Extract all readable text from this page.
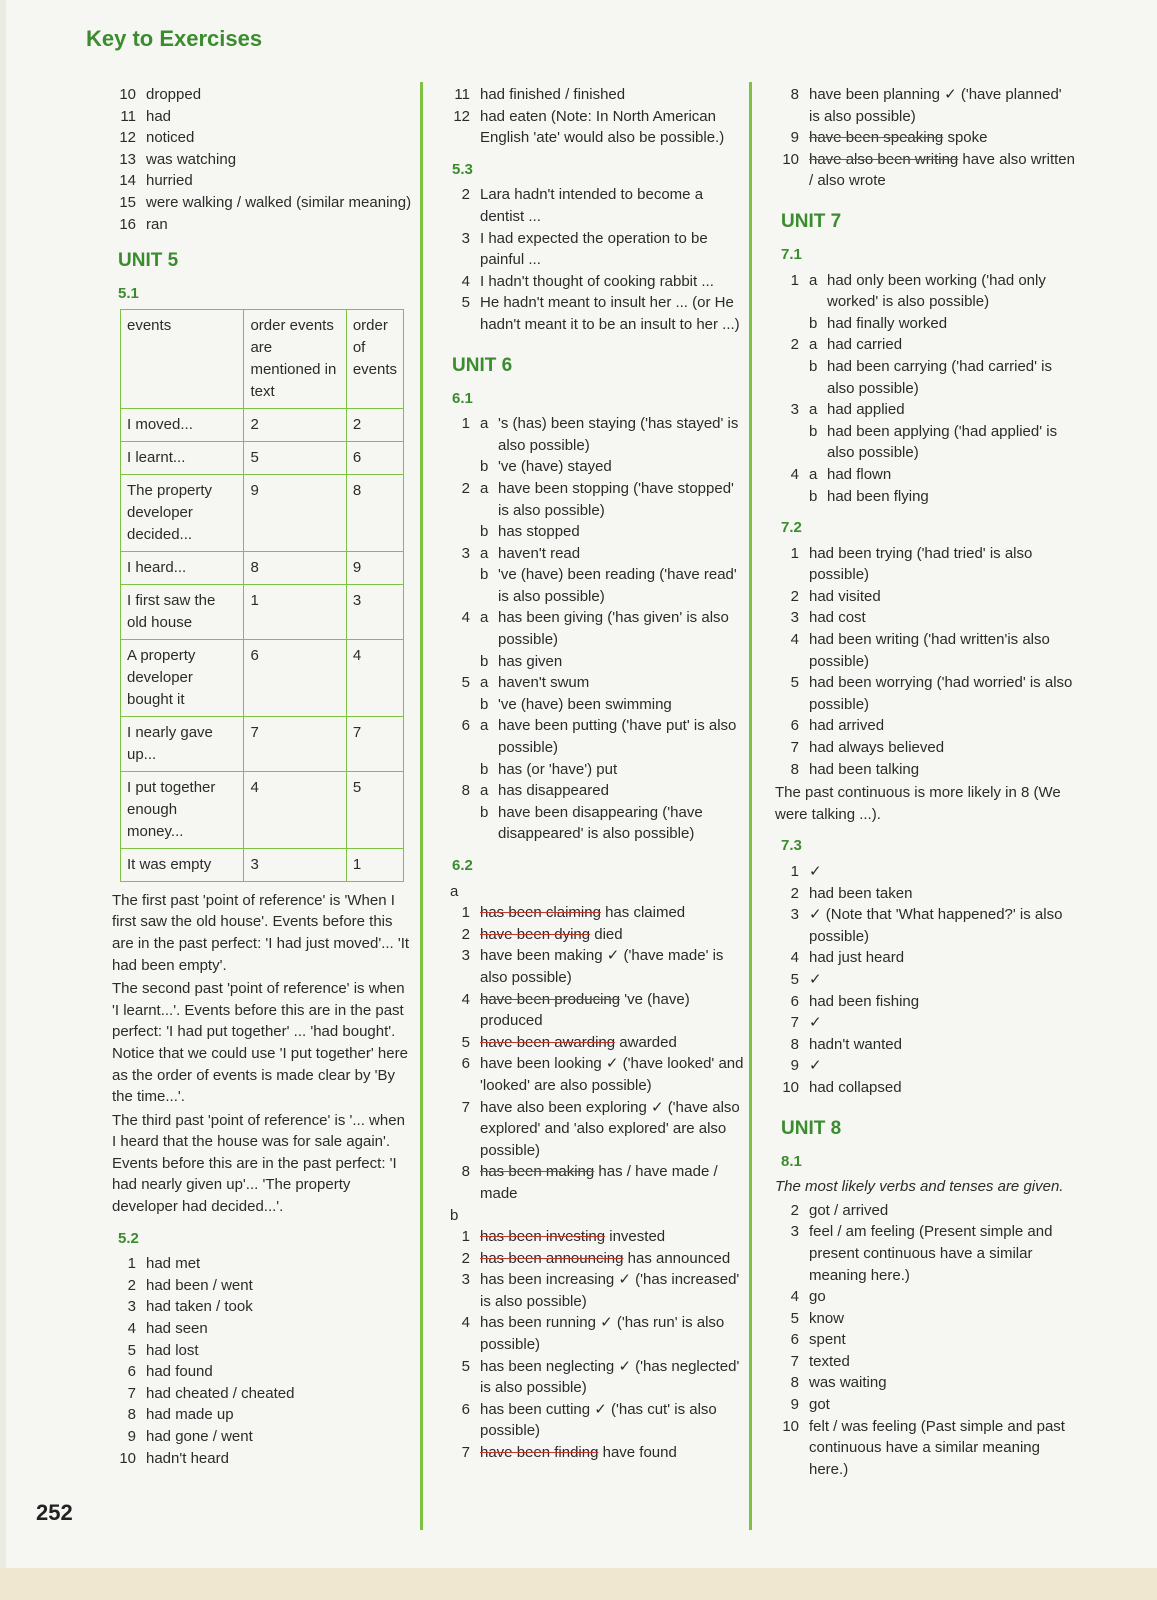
Key to Exercises
10 dropped
11 had
12 noticed
13 was watching
14 hurried
15 were walking / walked (similar meaning)
16 ran
UNIT 5
5.1
events	order events are mentioned in text	order of events
I moved...	2	2
I learnt...	5	6
The property developer decided...	9	8
I heard...	8	9
I first saw the old house	1	3
A property developer bought it	6	4
I nearly gave up...	7	7
I put together enough money...	4	5
It was empty	3	1
The first past 'point of reference' is 'When I first saw the old house'. Events before this are in the past perfect: 'I had just moved'... 'It had been empty'.
The second past 'point of reference' is when 'I learnt...'. Events before this are in the past perfect: 'I had put together' ... 'had bought'. Notice that we could use 'I put together' here as the order of events is made clear by 'By the time...'.
The third past 'point of reference' is '... when I heard that the house was for sale again'. Events before this are in the past perfect: 'I had nearly given up'... 'The property developer had decided...'.
5.2
1 had met
2 had been / went
3 had taken / took
4 had seen
5 had lost
6 had found
7 had cheated / cheated
8 had made up
9 had gone / went
10 hadn't heard
11 had finished / finished
12 had eaten (Note: In North American English 'ate' would also be possible.)
5.3
2 Lara hadn't intended to become a dentist ...
3 I had expected the operation to be painful ...
4 I hadn't thought of cooking rabbit ...
5 He hadn't meant to insult her ... (or He hadn't meant it to be an insult to her ...)
UNIT 6
6.1
1 a 's (has) been staying ('has stayed' is also possible)
b 've (have) stayed
2 a have been stopping ('have stopped' is also possible)
b has stopped
3 a haven't read
b 've (have) been reading ('have read' is also possible)
4 a has been giving ('has given' is also possible)
b has given
5 a haven't swum
b 've (have) been swimming
6 a have been putting ('have put' is also possible)
b has (or 'have') put
8 a has disappeared
b have been disappearing ('have disappeared' is also possible)
6.2
a
1 has been claiming has claimed
2 have been dying died
3 have been making ✓ ('have made' is also possible)
4 have been producing 've (have) produced
5 have been awarding awarded
6 have been looking ✓ ('have looked' and 'looked' are also possible)
7 have also been exploring ✓ ('have also explored' and 'also explored' are also possible)
8 has been making has / have made / made
b
1 has been investing invested
2 has been announcing has announced
3 has been increasing ✓ ('has increased' is also possible)
4 has been running ✓ ('has run' is also possible)
5 has been neglecting ✓ ('has neglected' is also possible)
6 has been cutting ✓ ('has cut' is also possible)
7 have been finding have found
8 have been planning ✓ ('have planned' is also possible)
9 have been speaking spoke
10 have also been writing have also written / also wrote
UNIT 7
7.1
1 a had only been working ('had only worked' is also possible)
b had finally worked
2 a had carried
b had been carrying ('had carried' is also possible)
3 a had applied
b had been applying ('had applied' is also possible)
4 a had flown
b had been flying
7.2
1 had been trying ('had tried' is also possible)
2 had visited
3 had cost
4 had been writing ('had written'is also possible)
5 had been worrying ('had worried' is also possible)
6 had arrived
7 had always believed
8 had been talking
The past continuous is more likely in 8 (We were talking ...).
7.3
1 ✓
2 had been taken
3 ✓ (Note that 'What happened?' is also possible)
4 had just heard
5 ✓
6 had been fishing
7 ✓
8 hadn't wanted
9 ✓
10 had collapsed
UNIT 8
8.1
The most likely verbs and tenses are given.
2 got / arrived
3 feel / am feeling (Present simple and present continuous have a similar meaning here.)
4 go
5 know
6 spent
7 texted
8 was waiting
9 got
10 felt / was feeling (Past simple and past continuous have a similar meaning here.)
252
